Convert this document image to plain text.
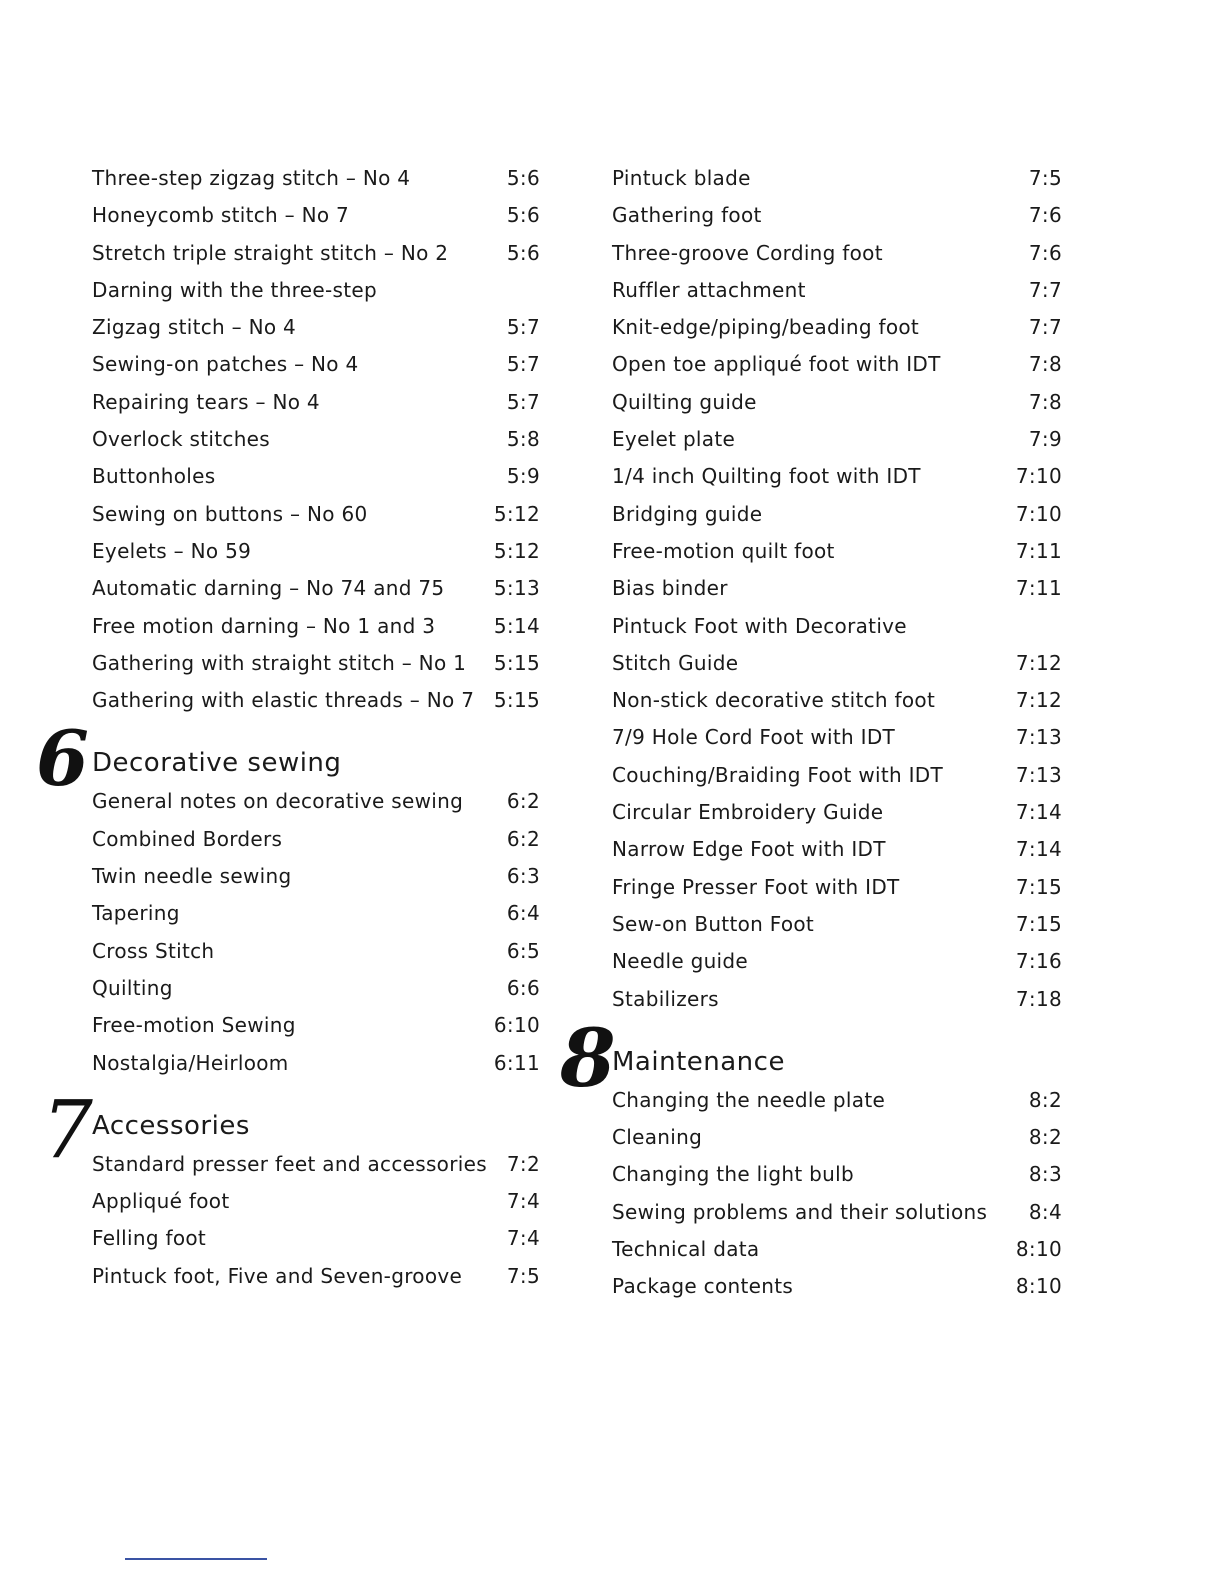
Three-step zigzag stitch – No 4	5:6
Honeycomb stitch – No 7	5:6
Stretch triple straight stitch – No 2	5:6
Darning with the three-step
Zigzag stitch – No 4	5:7
Sewing-on patches – No 4	5:7
Repairing tears – No 4	5:7
Overlock stitches	5:8
Buttonholes	5:9
Sewing on buttons – No 60	5:12
Eyelets – No 59	5:12
Automatic darning – No 74 and 75 5:13
Free motion darning – No 1 and 3	5:14
Gathering with straight stitch – No 1 5:15
Gathering with elastic threads – No 7 5:15
6 Decorative sewing
General notes on decorative sewing 6:2
Combined Borders	6:2
Twin needle sewing	6:3
Tapering	6:4
Cross Stitch	6:5
Quilting	6:6
Free-motion Sewing	6:10
Nostalgia/Heirloom	6:11
7
Accessories
Standard presser feet and accessories 7:2
Appliqué foot	7:4
Felling foot	7:4
Pintuck foot, Five and Seven-groove 7:5
Pintuck blade	7:5
Gathering foot	7:6
Three-groove Cording foot	7:6
Ruffler attachment	7:7
Knit-edge/piping/beading foot	7:7
Open toe appliqué foot with IDT	7:8
Quilting guide	7:8
Eyelet plate	7:9
1/4 inch Quilting foot with IDT	7:10
Bridging guide	7:10
Free-motion quilt foot	7:11
Bias binder	7:11
Pintuck Foot with Decorative
Stitch Guide	7:12
Non-stick decorative stitch foot	7:12
7/9 Hole Cord Foot with IDT	7:13
Couching/Braiding Foot with IDT	7:13
Circular Embroidery Guide	7:14
Narrow Edge Foot with IDT	7:14
Fringe Presser Foot with IDT	7:15
Sew-on Button Foot	7:15
Needle guide	7:16
Stabilizers	7:18
8
Maintenance
Changing the needle plate	8:2
Cleaning	8:2
Changing the light bulb	8:3
Sewing problems and their solutions 8:4
Technical data	8:10
Package contents	8:10
